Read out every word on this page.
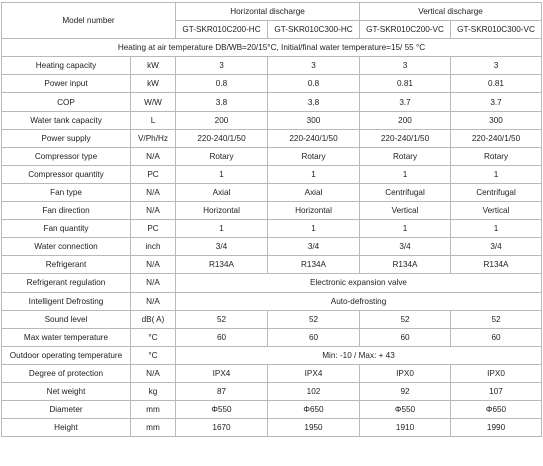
Model number		Horizontal discharge		Vertical discharge	
		GT-SKR010C200-HC	GT-SKR010C300-HC	GT-SKR010C200-VC	GT-SKR010C300-VC
Heating at air temperature DB/WB=20/15°C, Initial/final water temperature=15/ 55 °C					
Heating capacity	kW	3	3	3	3
Power input	kW	0.8	0.8	0.81	0.81
COP	W/W	3.8	3.8	3.7	3.7
Water tank capacity	L	200	300	200	300
Power supply	V/Ph/Hz	220-240/1/50	220-240/1/50	220-240/1/50	220-240/1/50
Compressor type	N/A	Rotary	Rotary	Rotary	Rotary
Compressor quantity	PC	1	1	1	1
Fan type	N/A	Axial	Axial	Centrifugal	Centrifugal
Fan direction	N/A	Horizontal	Horizontal	Vertical	Vertical
Fan quantity	PC	1	1	1	1
Water connection	inch	3/4	3/4	3/4	3/4
Refrigerant	N/A	R134A	R134A	R134A	R134A
Refrigerant regulation	N/A	Electronic expansion valve			
Intelligent Defrosting	N/A	Auto-defrosting			
Sound level	dB( A)	52	52	52	52
Max water temperature	°C	60	60	60	60
Outdoor operating temperature	°C	Min: -10 / Max: + 43			
Degree of protection	N/A	IPX4	IPX4	IPX0	IPX0
Net weight	kg	87	102	92	107
Diameter	mm	Φ550	Φ650	Φ550	Φ650
Height	mm	1670	1950	1910	1990
